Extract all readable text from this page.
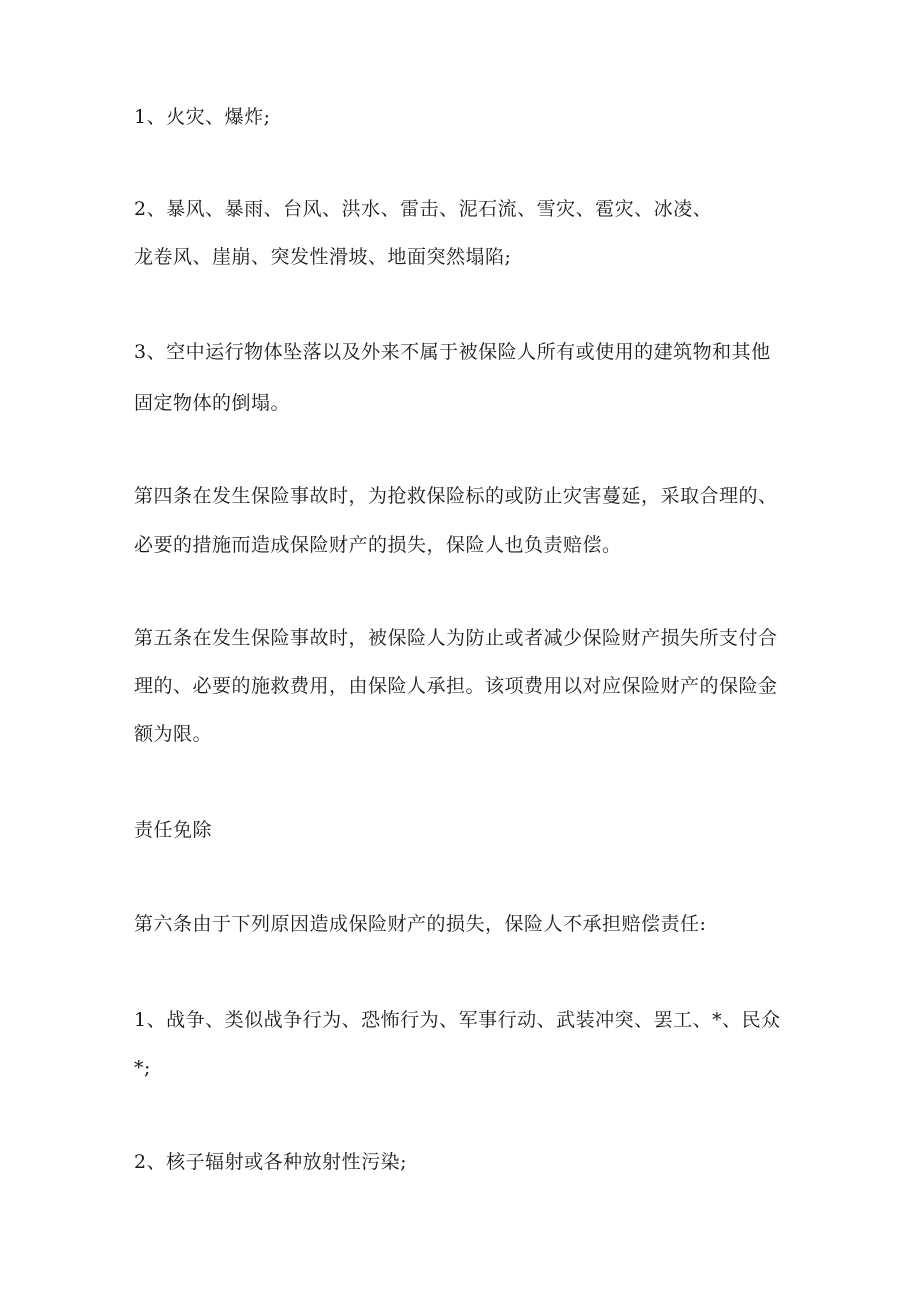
1、火灾、爆炸;
2、暴风、暴雨、台风、洪水、雷击、泥石流、雪灾、雹灾、冰凌、
龙卷风、崖崩、突发性滑坡、地面突然塌陷;
3、空中运行物体坠落以及外来不属于被保险人所有或使用的建筑物和其他
固定物体的倒塌。
第四条在发生保险事故时，为抢救保险标的或防止灾害蔓延，采取合理的、
必要的措施而造成保险财产的损失，保险人也负责赔偿。
第五条在发生保险事故时，被保险人为防止或者减少保险财产损失所支付合
理的、必要的施救费用，由保险人承担。该项费用以对应保险财产的保险金
额为限。
责任免除
第六条由于下列原因造成保险财产的损失，保险人不承担赔偿责任:
1、战争、类似战争行为、恐怖行为、军事行动、武装冲突、罢工、*、民众
*;
2、核子辐射或各种放射性污染;
